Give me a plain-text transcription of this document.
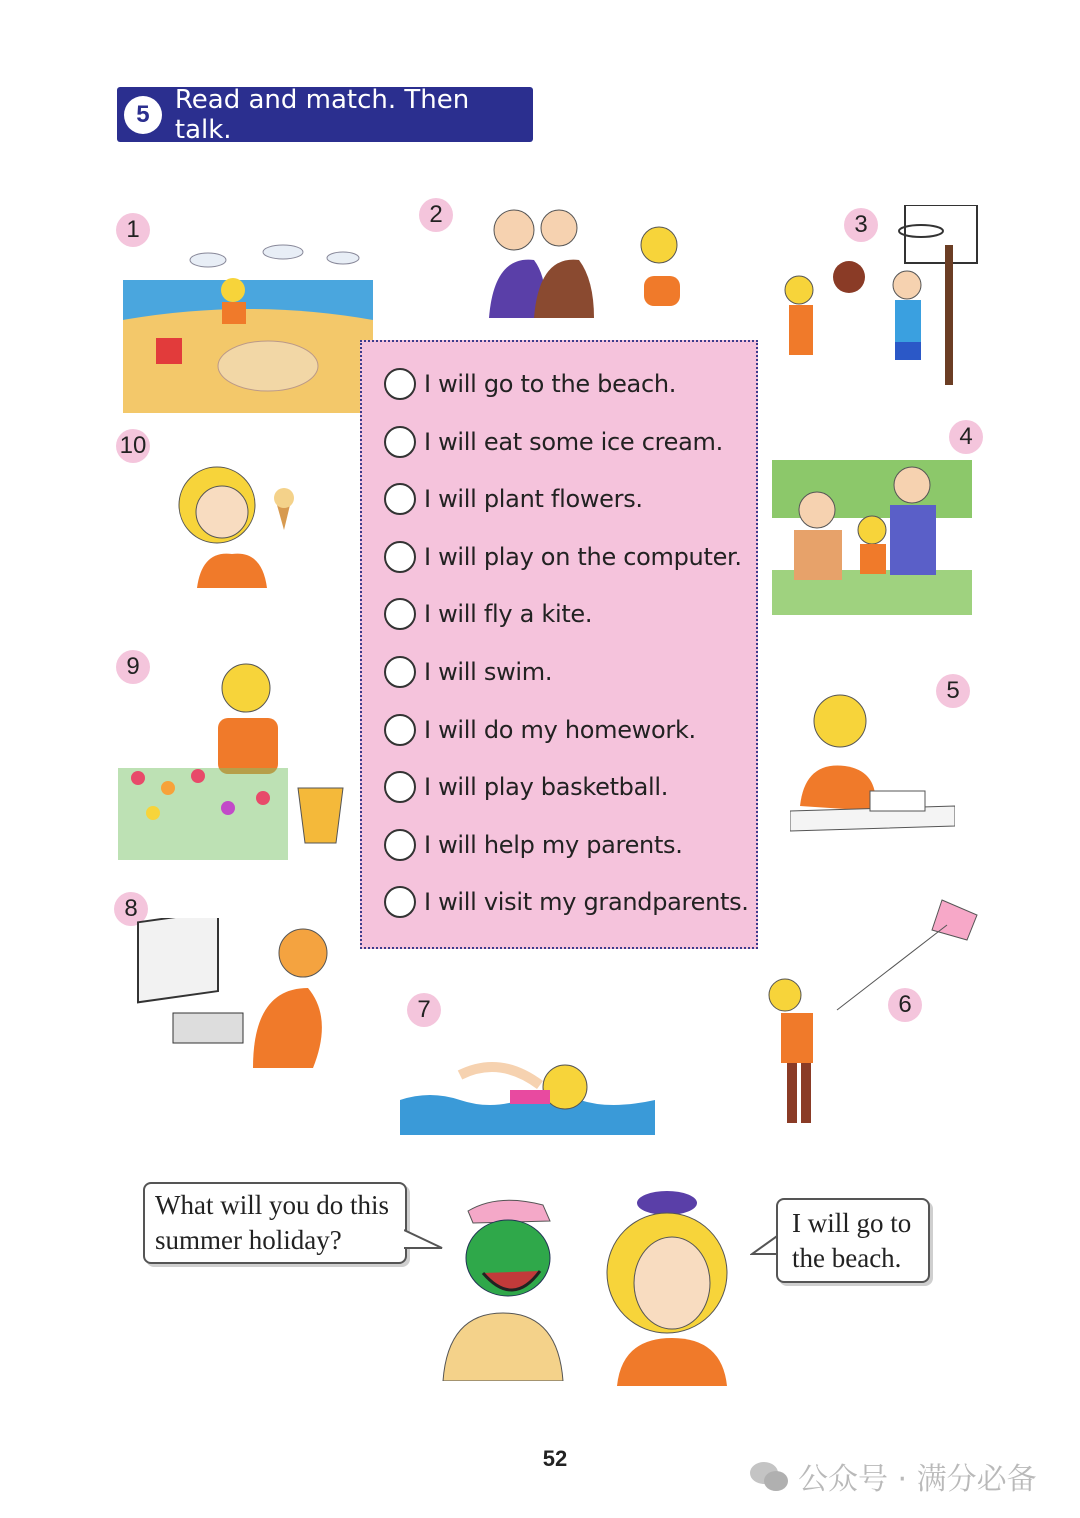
5 Read and match. Then talk.
1
2	3
10
9
8
4
5
6
7
I will go to the beach.
I will eat some ice cream.
I will plant flowers.
I will play on the computer.
I will fly a kite.
I will swim.
I will do my homework.
I will play basketball.
I will help my parents.
I will visit my grandparents.
What will you do this
summer holiday?
I will go to
the beach.
52
公众号 · 满分必备
